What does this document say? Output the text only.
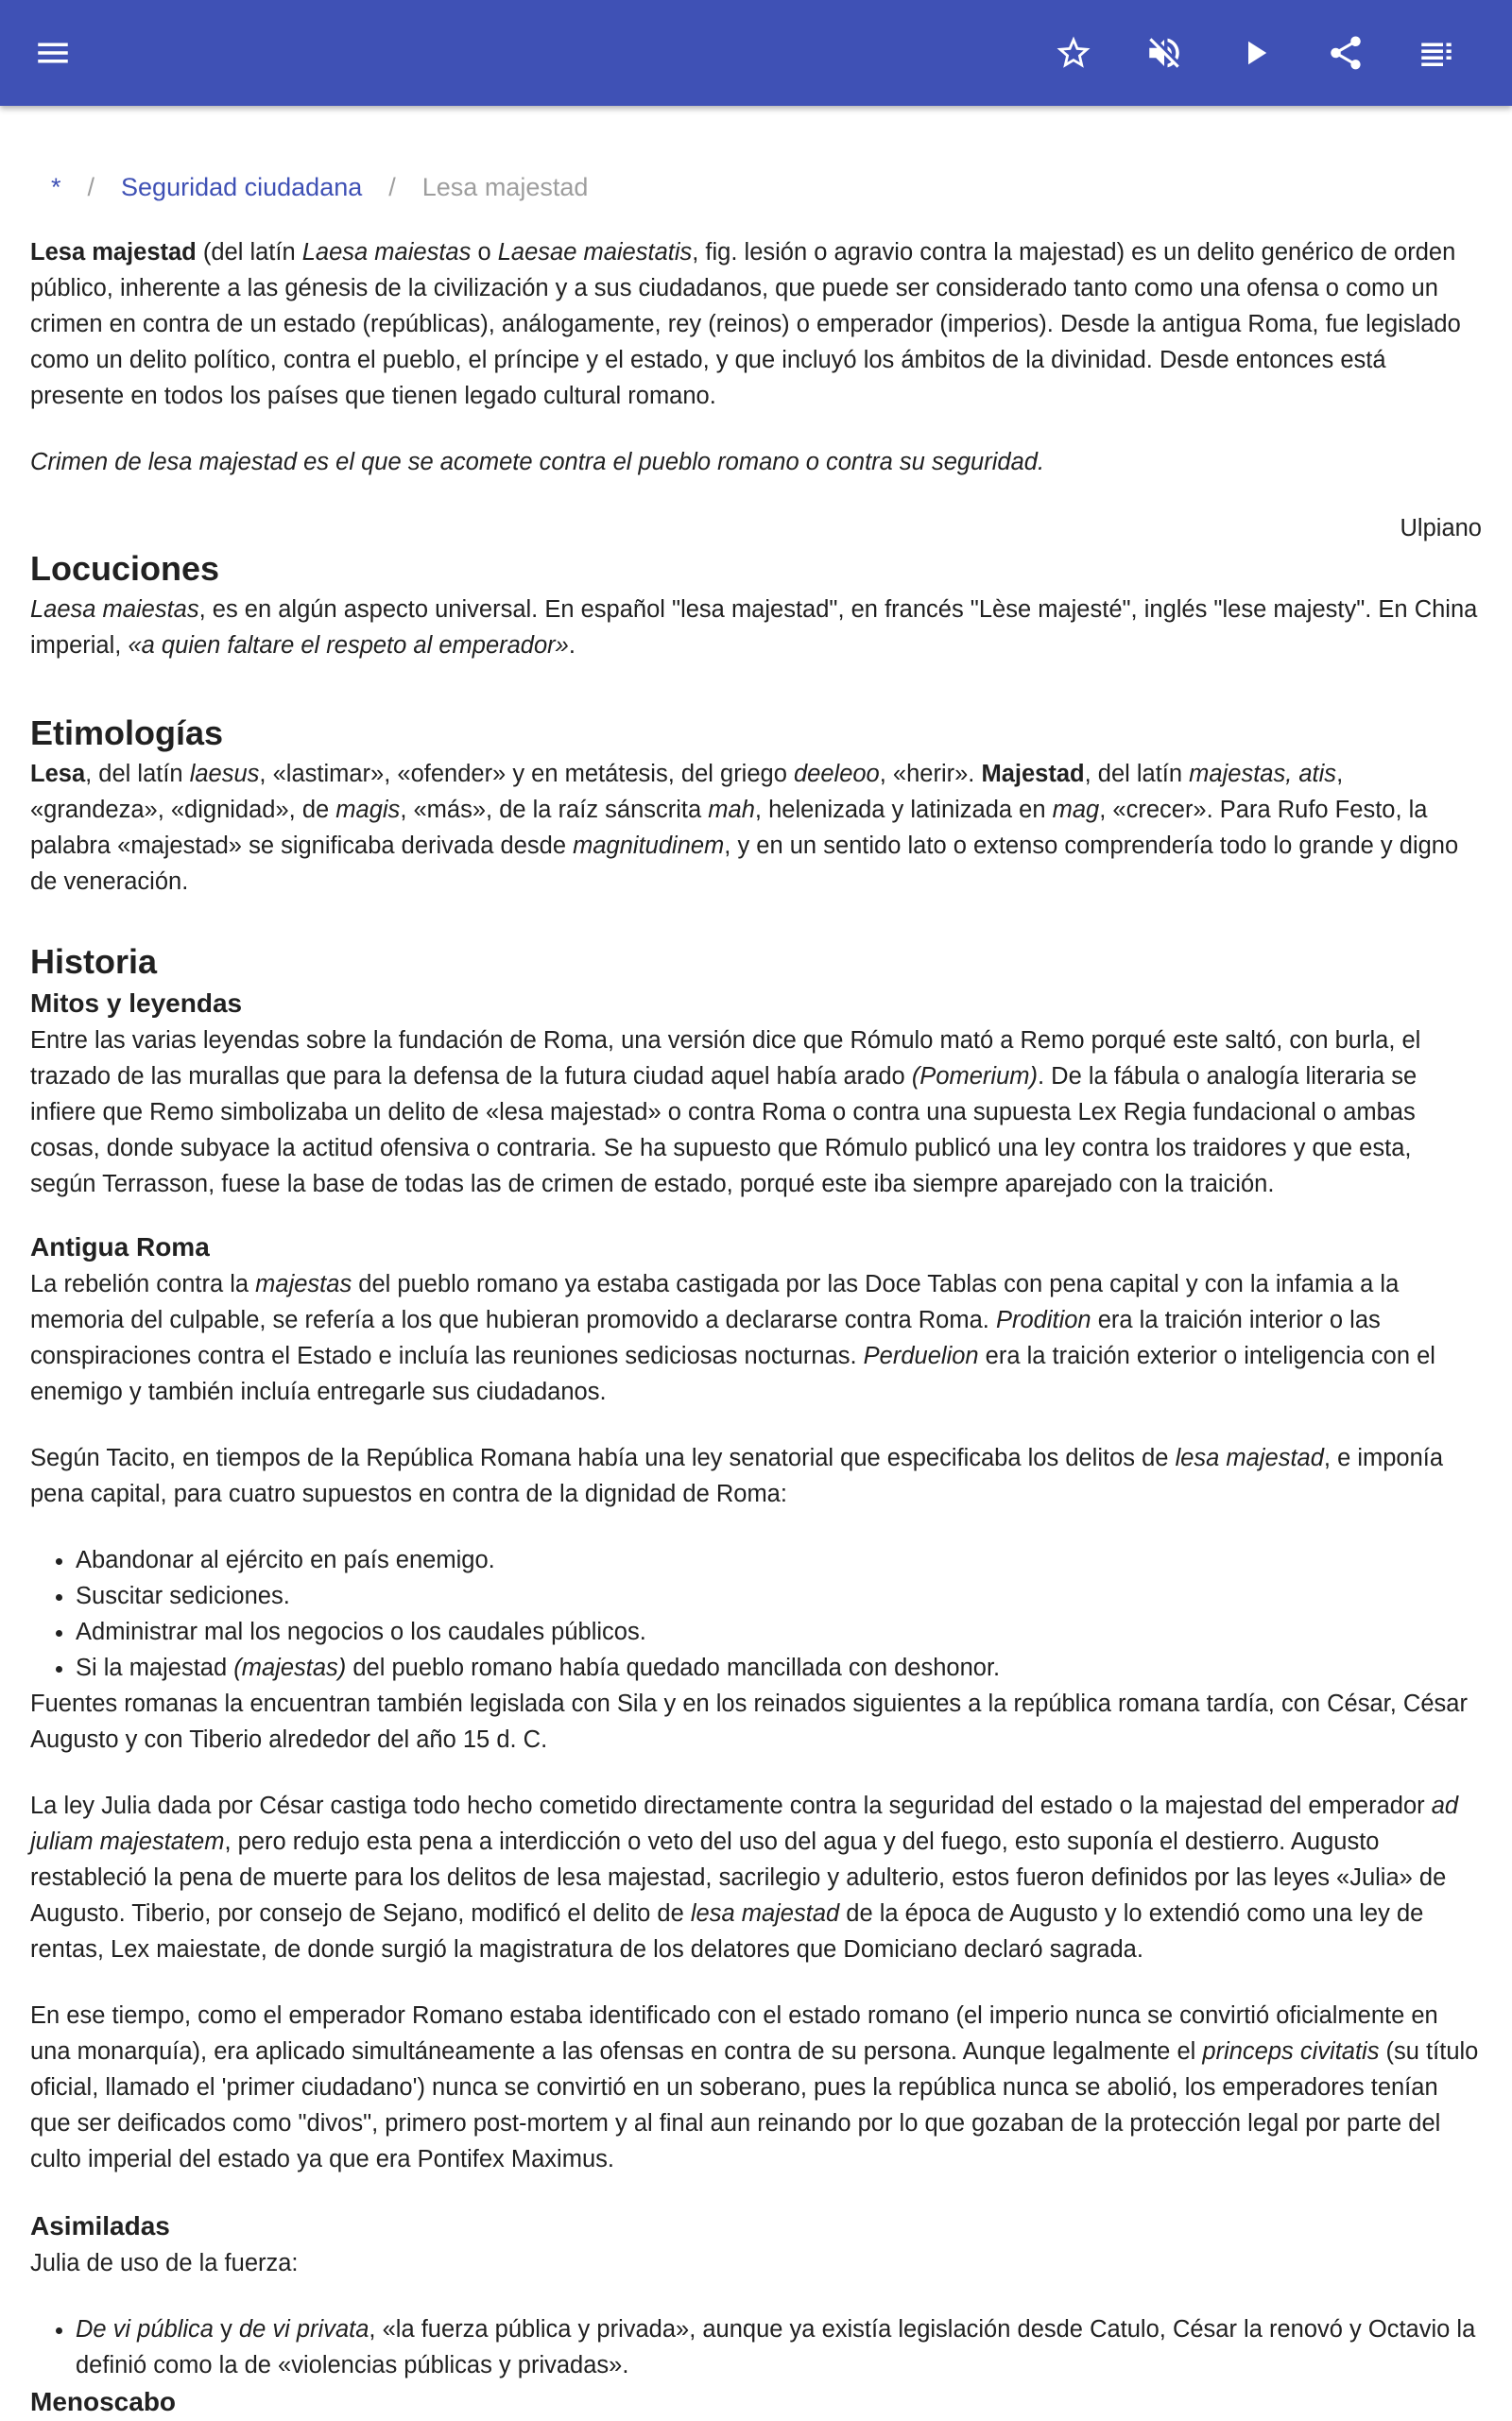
* / Seguridad ciudadana / Lesa majestad

Lesa majestad (del latín Laesa maiestas o Laesae maiestatis, fig. lesión o agravio contra la majestad) es un delito genérico de orden público, inherente a las génesis de la civilización y a sus ciudadanos, que puede ser considerado tanto como una ofensa o como un crimen en contra de un estado (repúblicas), análogamente, rey (reinos) o emperador (imperios). Desde la antigua Roma, fue legislado como un delito político, contra el pueblo, el príncipe y el estado, y que incluyó los ámbitos de la divinidad. Desde entonces está presente en todos los países que tienen legado cultural romano.

Crimen de lesa majestad es el que se acomete contra el pueblo romano o contra su seguridad.

Ulpiano

Locuciones

Laesa maiestas, es en algún aspecto universal. En español "lesa majestad", en francés "Lèse majesté", inglés "lese majesty". En China imperial, «a quien faltare el respeto al emperador».

Etimologías

Lesa, del latín laesus, «lastimar», «ofender» y en metátesis, del griego deeleoo, «herir». Majestad, del latín majestas, atis, «grandeza», «dignidad», de magis, «más», de la raíz sánscrita mah, helenizada y latinizada en mag, «crecer». Para Rufo Festo, la palabra «majestad» se significaba derivada desde magnitudinem, y en un sentido lato o extenso comprendería todo lo grande y digno de veneración.

Historia
Mitos y leyendas

Entre las varias leyendas sobre la fundación de Roma, una versión dice que Rómulo mató a Remo porqué este saltó, con burla, el trazado de las murallas que para la defensa de la futura ciudad aquel había arado (Pomerium). De la fábula o analogía literaria se infiere que Remo simbolizaba un delito de «lesa majestad» o contra Roma o contra una supuesta Lex Regia fundacional o ambas cosas, donde subyace la actitud ofensiva o contraria. Se ha supuesto que Rómulo publicó una ley contra los traidores y que esta, según Terrasson, fuese la base de todas las de crimen de estado, porqué este iba siempre aparejado con la traición.

Antigua Roma

La rebelión contra la majestas del pueblo romano ya estaba castigada por las Doce Tablas con pena capital y con la infamia a la memoria del culpable, se refería a los que hubieran promovido a declararse contra Roma. Prodition era la traición interior o las conspiraciones contra el Estado e incluía las reuniones sediciosas nocturnas. Perduelion era la traición exterior o inteligencia con el enemigo y también incluía entregarle sus ciudadanos.

Según Tacito, en tiempos de la República Romana había una ley senatorial que especificaba los delitos de lesa majestad, e imponía pena capital, para cuatro supuestos en contra de la dignidad de Roma:

• Abandonar al ejército en país enemigo.
• Suscitar sediciones.
• Administrar mal los negocios o los caudales públicos.
• Si la majestad (majestas) del pueblo romano había quedado mancillada con deshonor.

Fuentes romanas la encuentran también legislada con Sila y en los reinados siguientes a la república romana tardía, con César, César Augusto y con Tiberio alrededor del año 15 d. C.

La ley Julia dada por César castiga todo hecho cometido directamente contra la seguridad del estado o la majestad del emperador ad juliam majestatem, pero redujo esta pena a interdicción o veto del uso del agua y del fuego, esto suponía el destierro. Augusto restableció la pena de muerte para los delitos de lesa majestad, sacrilegio y adulterio, estos fueron definidos por las leyes «Julia» de Augusto. Tiberio, por consejo de Sejano, modificó el delito de lesa majestad de la época de Augusto y lo extendió como una ley de rentas, Lex maiestate, de donde surgió la magistratura de los delatores que Domiciano declaró sagrada.

En ese tiempo, como el emperador Romano estaba identificado con el estado romano (el imperio nunca se convirtió oficialmente en una monarquía), era aplicado simultáneamente a las ofensas en contra de su persona. Aunque legalmente el princeps civitatis (su título oficial, llamado el 'primer ciudadano') nunca se convirtió en un soberano, pues la república nunca se abolió, los emperadores tenían que ser deificados como "divos", primero post-mortem y al final aun reinando por lo que gozaban de la protección legal por parte del culto imperial del estado ya que era Pontifex Maximus.

Asimiladas

Julia de uso de la fuerza:

• De vi pública y de vi privata, «la fuerza pública y privada», aunque ya existía legislación desde Catulo, César la renovó y Octavio la definió como la de «violencias públicas y privadas».
Menoscabo
